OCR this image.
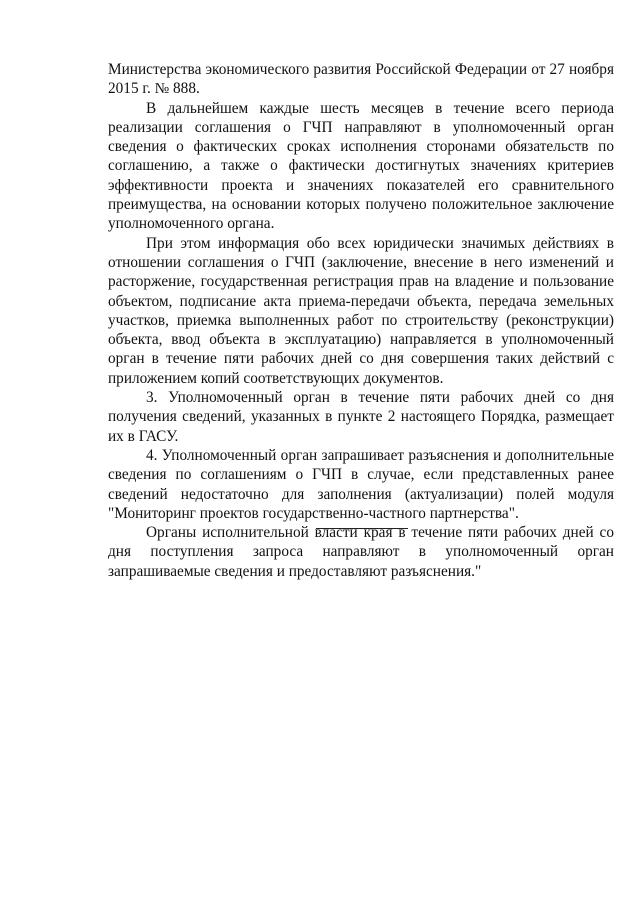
Министерства экономического развития Российской Федерации от 27 ноября 2015 г. № 888.

В дальнейшем каждые шесть месяцев в течение всего периода реализации соглашения о ГЧП направляют в уполномоченный орган сведения о фактических сроках исполнения сторонами обязательств по соглашению, а также о фактически достигнутых значениях критериев эффективности проекта и значениях показателей его сравнительного преимущества, на основании которых получено положительное заключение уполномоченного органа.

При этом информация обо всех юридически значимых действиях в отношении соглашения о ГЧП (заключение, внесение в него изменений и расторжение, государственная регистрация прав на владение и пользование объектом, подписание акта приема-передачи объекта, передача земельных участков, приемка выполненных работ по строительству (реконструкции) объекта, ввод объекта в эксплуатацию) направляется в уполномоченный орган в течение пяти рабочих дней со дня совершения таких действий с приложением копий соответствующих документов.

3. Уполномоченный орган в течение пяти рабочих дней со дня получения сведений, указанных в пункте 2 настоящего Порядка, размещает их в ГАСУ.

4. Уполномоченный орган запрашивает разъяснения и дополнительные сведения по соглашениям о ГЧП в случае, если представленных ранее сведений недостаточно для заполнения (актуализации) полей модуля "Мониторинг проектов государственно-частного партнерства".

Органы исполнительной власти края в течение пяти рабочих дней со дня поступления запроса направляют в уполномоченный орган запрашиваемые сведения и предоставляют разъяснения."
